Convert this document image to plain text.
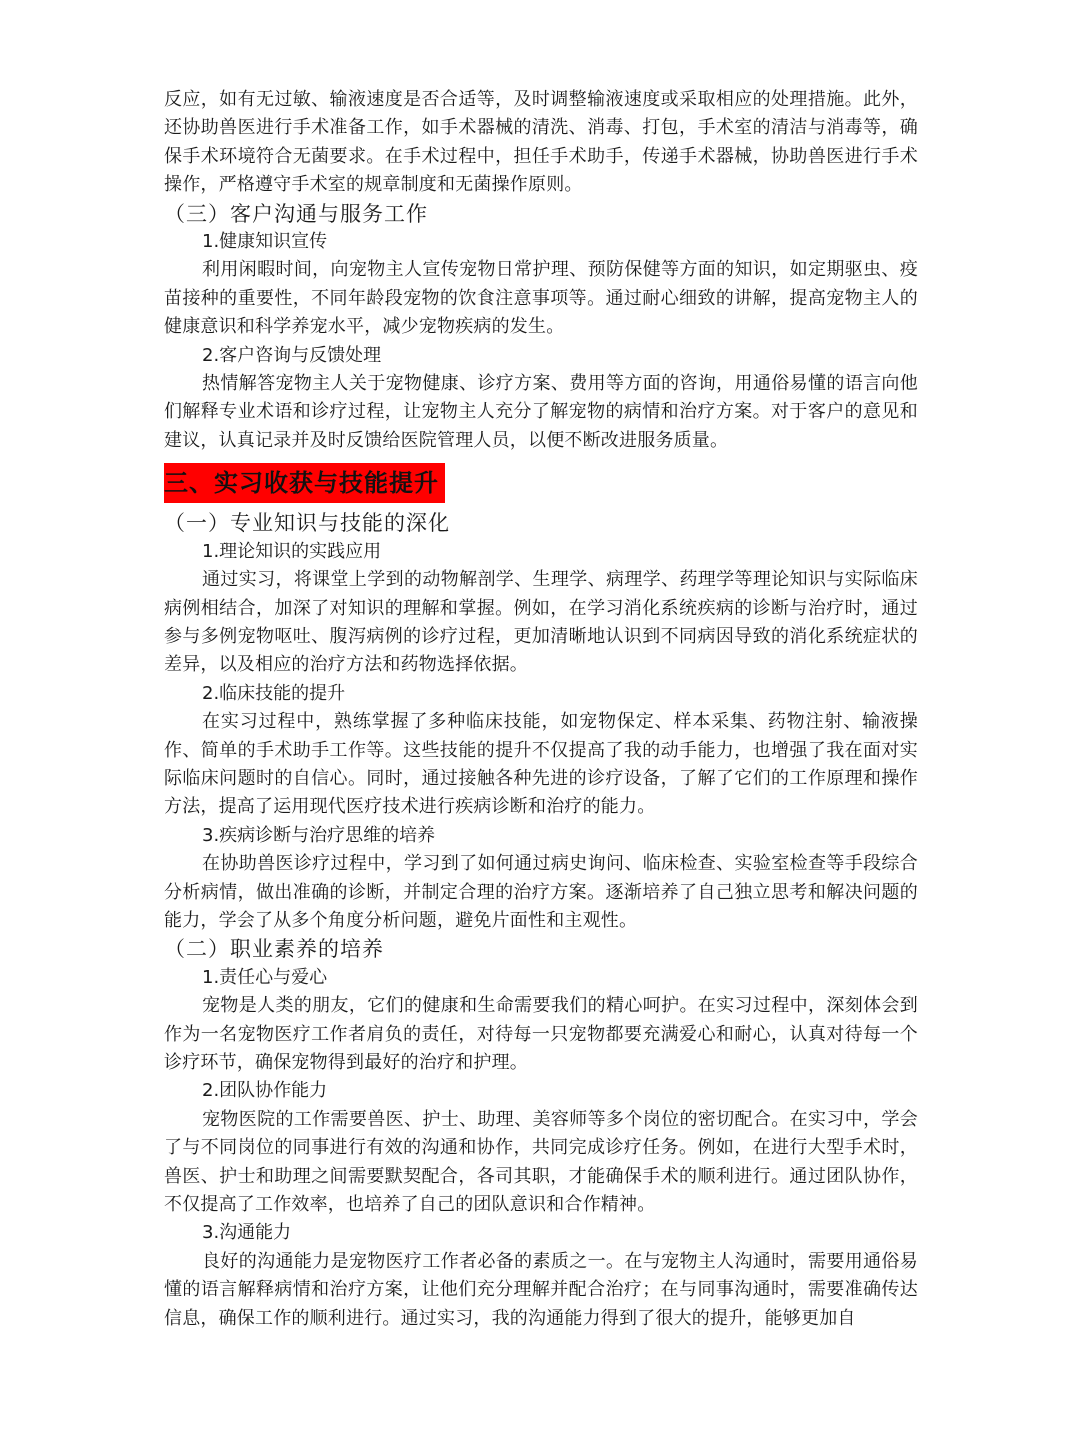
反应，如有无过敏、输液速度是否合适等，及时调整输液速度或采取相应的处理措施。此外，还协助兽医进行手术准备工作，如手术器械的清洗、消毒、打包，手术室的清洁与消毒等，确保手术环境符合无菌要求。在手术过程中，担任手术助手，传递手术器械，协助兽医进行手术操作，严格遵守手术室的规章制度和无菌操作原则。

（三）客户沟通与服务工作

1.健康知识宣传

利用闲暇时间，向宠物主人宣传宠物日常护理、预防保健等方面的知识，如定期驱虫、疫苗接种的重要性，不同年龄段宠物的饮食注意事项等。通过耐心细致的讲解，提高宠物主人的健康意识和科学养宠水平，减少宠物疾病的发生。

2.客户咨询与反馈处理

热情解答宠物主人关于宠物健康、诊疗方案、费用等方面的咨询，用通俗易懂的语言向他们解释专业术语和诊疗过程，让宠物主人充分了解宠物的病情和治疗方案。对于客户的意见和建议，认真记录并及时反馈给医院管理人员，以便不断改进服务质量。

三、实习收获与技能提升

（一）专业知识与技能的深化

1.理论知识的实践应用

通过实习，将课堂上学到的动物解剖学、生理学、病理学、药理学等理论知识与实际临床病例相结合，加深了对知识的理解和掌握。例如，在学习消化系统疾病的诊断与治疗时，通过参与多例宠物呕吐、腹泻病例的诊疗过程，更加清晰地认识到不同病因导致的消化系统症状的差异，以及相应的治疗方法和药物选择依据。

2.临床技能的提升

在实习过程中，熟练掌握了多种临床技能，如宠物保定、样本采集、药物注射、输液操作、简单的手术助手工作等。这些技能的提升不仅提高了我的动手能力，也增强了我在面对实际临床问题时的自信心。同时，通过接触各种先进的诊疗设备，了解了它们的工作原理和操作方法，提高了运用现代医疗技术进行疾病诊断和治疗的能力。

3.疾病诊断与治疗思维的培养

在协助兽医诊疗过程中，学习到了如何通过病史询问、临床检查、实验室检查等手段综合分析病情，做出准确的诊断，并制定合理的治疗方案。逐渐培养了自己独立思考和解决问题的能力，学会了从多个角度分析问题，避免片面性和主观性。

（二）职业素养的培养

1.责任心与爱心

宠物是人类的朋友，它们的健康和生命需要我们的精心呵护。在实习过程中，深刻体会到作为一名宠物医疗工作者肩负的责任，对待每一只宠物都要充满爱心和耐心，认真对待每一个诊疗环节，确保宠物得到最好的治疗和护理。

2.团队协作能力

宠物医院的工作需要兽医、护士、助理、美容师等多个岗位的密切配合。在实习中，学会了与不同岗位的同事进行有效的沟通和协作，共同完成诊疗任务。例如，在进行大型手术时，兽医、护士和助理之间需要默契配合，各司其职，才能确保手术的顺利进行。通过团队协作，不仅提高了工作效率，也培养了自己的团队意识和合作精神。

3.沟通能力

良好的沟通能力是宠物医疗工作者必备的素质之一。在与宠物主人沟通时，需要用通俗易懂的语言解释病情和治疗方案，让他们充分理解并配合治疗；在与同事沟通时，需要准确传达信息，确保工作的顺利进行。通过实习，我的沟通能力得到了很大的提升，能够更加自
